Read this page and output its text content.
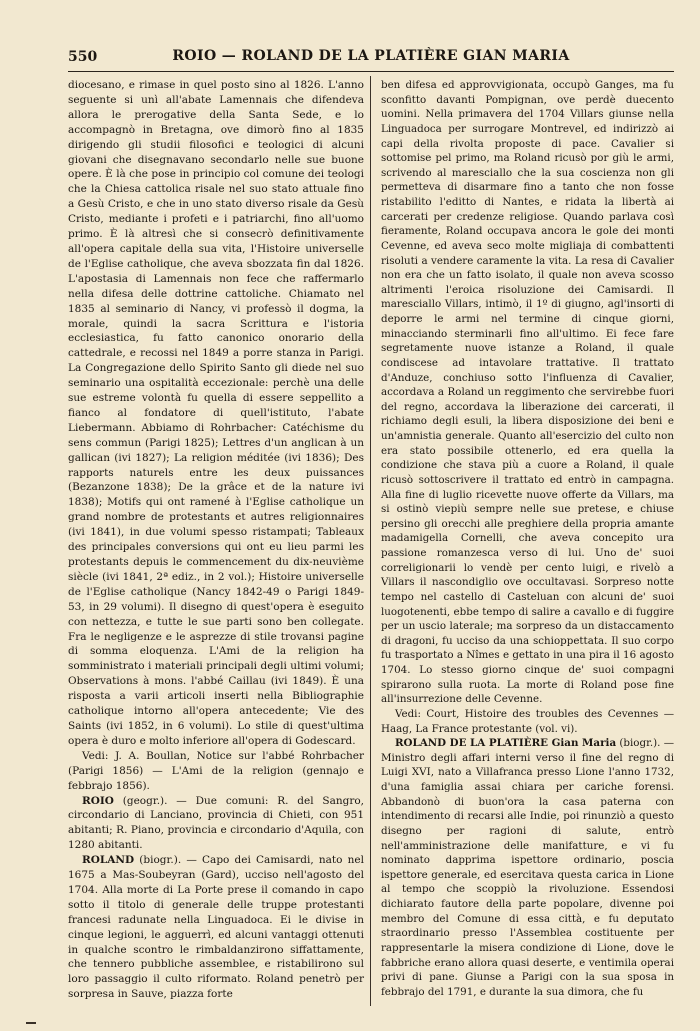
550	ROIO — ROLAND DE LA PLATIÈRE GIAN MARIA

diocesano, e rimase in quel posto sino al 1826. L'anno seguente si unì all'abate Lamennais che difendeva allora le prerogative della Santa Sede, e lo accompagnò in Bretagna, ove dimorò fino al 1835 dirigendo gli studii filosofici e teologici di alcuni giovani che disegnavano secondarlo nelle sue buone opere. È là che pose in principio col comune dei teologi che la Chiesa cattolica risale nel suo stato attuale fino a Gesù Cristo, e che in uno stato diverso risale da Gesù Cristo, mediante i profeti e i patriarchi, fino all'uomo primo. È là altresì che si consecrò definitivamente all'opera capitale della sua vita, l'Histoire universelle de l'Eglise catholique, che aveva sbozzata fin dal 1826. L'apostasia di Lamennais non fece che raffermarlo nella difesa delle dottrine cattoliche. Chiamato nel 1835 al seminario di Nancy, vi professò il dogma, la morale, quindi la sacra Scrittura e l'istoria ecclesiastica, fu fatto canonico onorario della cattedrale, e recossi nel 1849 a porre stanza in Parigi. La Congregazione dello Spirito Santo gli diede nel suo seminario una ospitalità eccezionale: perchè una delle sue estreme volontà fu quella di essere seppellito a fianco al fondatore di quell'istituto, l'abate Liebermann. Abbiamo di Rohrbacher: Catéchisme du sens commun (Parigi 1825); Lettres d'un anglican à un gallican (ivi 1827); La religion méditée (ivi 1836); Des rapports naturels entre les deux puissances (Bezanzone 1838); De la grâce et de la nature ivi 1838); Motifs qui ont ramené à l'Eglise catholique un grand nombre de protestants et autres religionnaires (ivi 1841), in due volumi spesso ristampati; Tableaux des principales conversions qui ont eu lieu parmi les protestants depuis le commencement du dix-neuvième siècle (ivi 1841, 2ª ediz., in 2 vol.); Histoire universelle de l'Eglise catholique (Nancy 1842-49 o Parigi 1849-53, in 29 volumi). Il disegno di quest'opera è eseguito con nettezza, e tutte le sue parti sono ben collegate. Fra le negligenze e le asprezze di stile trovansi pagine di somma eloquenza. L'Ami de la religion ha somministrato i materiali principali degli ultimi volumi; Observations à mons. l'abbé Caillau (ivi 1849). È una risposta a varii articoli inserti nella Bibliographie catholique intorno all'opera antecedente; Vie des Saints (ivi 1852, in 6 volumi). Lo stile di quest'ultima opera è duro e molto inferiore all'opera di Godescard.

Vedi: J. A. Boullan, Notice sur l'abbé Rohrbacher (Parigi 1856) — L'Ami de la religion (gennajo e febbrajo 1856).

ROIO (geogr.). — Due comuni: R. del Sangro, circondario di Lanciano, provincia di Chieti, con 951 abitanti; R. Piano, provincia e circondario d'Aquila, con 1280 abitanti.

ROLAND (biogr.). — Capo dei Camisardi, nato nel 1675 a Mas-Soubeyran (Gard), ucciso nell'agosto del 1704. Alla morte di La Porte prese il comando in capo sotto il titolo di generale delle truppe protestanti francesi radunate nella Linguadoca. Ei le divise in cinque legioni, le agguerrì, ed alcuni vantaggi ottenuti in qualche scontro le rimbaldanzirono siffattamente, che tennero pubbliche assemblee, e ristabilirono sul loro passaggio il culto riformato. Roland penetrò per sorpresa in Sauve, piazza forte

ben difesa ed approvvigionata, occupò Ganges, ma fu sconfitto davanti Pompignan, ove perdè duecento uomini. Nella primavera del 1704 Villars giunse nella Linguadoca per surrogare Montrevel, ed indirizzò ai capi della rivolta proposte di pace. Cavalier si sottomise pel primo, ma Roland ricusò por giù le armi, scrivendo al maresciallo che la sua coscienza non gli permetteva di disarmare fino a tanto che non fosse ristabilito l'editto di Nantes, e ridata la libertà ai carcerati per credenze religiose. Quando parlava così fieramente, Roland occupava ancora le gole dei monti Cevenne, ed aveva seco molte migliaja di combattenti risoluti a vendere caramente la vita. La resa di Cavalier non era che un fatto isolato, il quale non aveva scosso altrimenti l'eroica risoluzione dei Camisardi. Il maresciallo Villars, intimò, il 1º di giugno, agl'insorti di deporre le armi nel termine di cinque giorni, minacciando sterminarli fino all'ultimo. Ei fece fare segretamente nuove istanze a Roland, il quale condiscese ad intavolare trattative. Il trattato d'Anduze, conchiuso sotto l'influenza di Cavalier, accordava a Roland un reggimento che servirebbe fuori del regno, accordava la liberazione dei carcerati, il richiamo degli esuli, la libera disposizione dei beni e un'amnistia generale. Quanto all'esercizio del culto non era stato possibile ottenerlo, ed era quella la condizione che stava più a cuore a Roland, il quale ricusò sottoscrivere il trattato ed entrò in campagna. Alla fine di luglio ricevette nuove offerte da Villars, ma si ostinò viepiù sempre nelle sue pretese, e chiuse persino gli orecchi alle preghiere della propria amante madamigella Cornelli, che aveva concepito ura passione romanzesca verso di lui. Uno de' suoi correligionarii lo vendè per cento luigi, e rivelò a Villars il nascondiglio ove occultavasi. Sorpreso notte tempo nel castello di Casteluan con alcuni de' suoi luogotenenti, ebbe tempo di salire a cavallo e di fuggire per un uscio laterale; ma sorpreso da un distaccamento di dragoni, fu ucciso da una schioppettata. Il suo corpo fu trasportato a Nîmes e gettato in una pira il 16 agosto 1704. Lo stesso giorno cinque de' suoi compagni spirarono sulla ruota. La morte di Roland pose fine all'insurrezione delle Cevenne.

Vedi: Court, Histoire des troubles des Cevennes — Haag, La France protestante (vol. vi).

ROLAND DE LA PLATIÈRE Gian Maria (biogr.). — Ministro degli affari interni verso il fine del regno di Luigi XVI, nato a Villafranca presso Lione l'anno 1732, d'una famiglia assai chiara per cariche forensi. Abbandonò di buon'ora la casa paterna con intendimento di recarsi alle Indie, poi rinunziò a questo disegno per ragioni di salute, entrò nell'amministrazione delle manifatture, e vi fu nominato dapprima ispettore ordinario, poscia ispettore generale, ed esercitava questa carica in Lione al tempo che scoppiò la rivoluzione. Essendosi dichiarato fautore della parte popolare, divenne poi membro del Comune di essa città, e fu deputato straordinario presso l'Assemblea costituente per rappresentarle la misera condizione di Lione, dove le fabbriche erano allora quasi deserte, e ventimila operai privi di pane. Giunse a Parigi con la sua sposa in febbrajo del 1791, e durante la sua dimora, che fu
